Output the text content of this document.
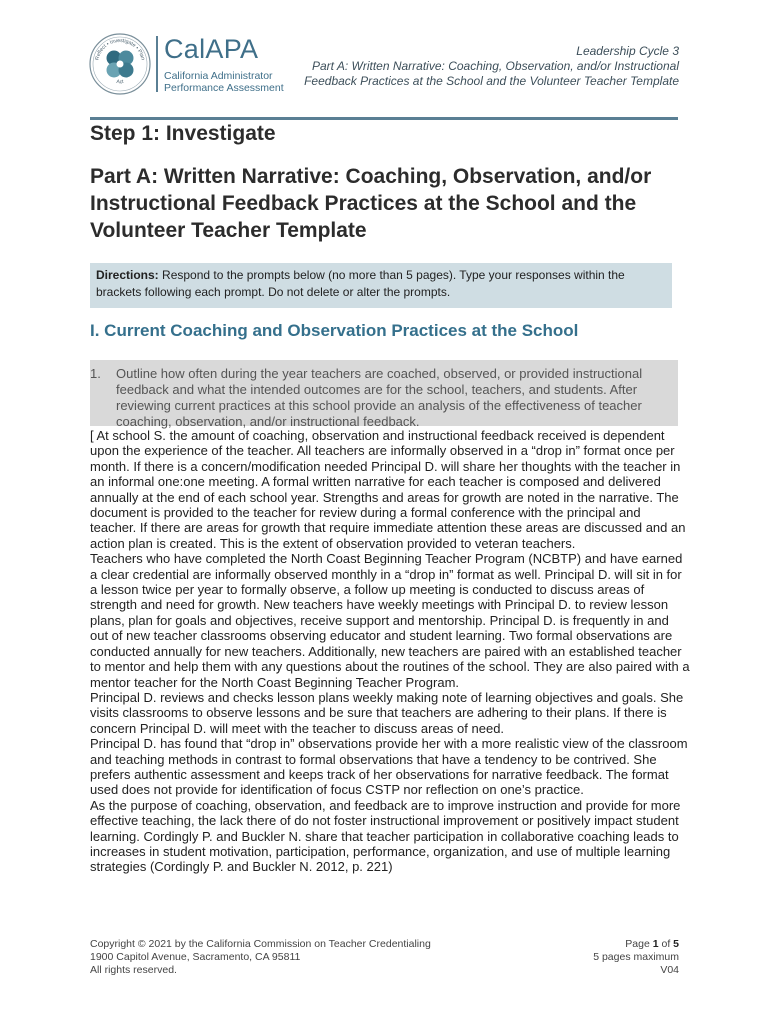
Reflect • Investigate • Plan
Act
CalAPA
California Administrator
Performance Assessment
Leadership Cycle 3
Part A: Written Narrative: Coaching, Observation, and/or Instructional
Feedback Practices at the School and the Volunteer Teacher Template
Step 1: Investigate
Part A: Written Narrative: Coaching, Observation, and/or Instructional Feedback Practices at the School and the Volunteer Teacher Template
Directions: Respond to the prompts below (no more than 5 pages). Type your responses within the brackets following each prompt. Do not delete or alter the prompts.
I. Current Coaching and Observation Practices at the School
1. Outline how often during the year teachers are coached, observed, or provided instructional feedback and what the intended outcomes are for the school, teachers, and students. After reviewing current practices at this school provide an analysis of the effectiveness of teacher coaching, observation, and/or instructional feedback.

[ At school S. the amount of coaching, observation and instructional feedback received is dependent upon the experience of the teacher. All teachers are informally observed in a “drop in” format once per month. If there is a concern/modification needed Principal D. will share her thoughts with the teacher in an informal one:one meeting. A formal written narrative for each teacher is composed and delivered annually at the end of each school year. Strengths and areas for growth are noted in the narrative. The document is provided to the teacher for review during a formal conference with the principal and teacher. If there are areas for growth that require immediate attention these areas are discussed and an action plan is created. This is the extent of observation provided to veteran teachers.

Teachers who have completed the North Coast Beginning Teacher Program (NCBTP) and have earned a clear credential are informally observed monthly in a “drop in” format as well. Principal D. will sit in for a lesson twice per year to formally observe, a follow up meeting is conducted to discuss areas of strength and need for growth. New teachers have weekly meetings with Principal D. to review lesson plans, plan for goals and objectives, receive support and mentorship. Principal D. is frequently in and out of new teacher classrooms observing educator and student learning. Two formal observations are conducted annually for new teachers. Additionally, new teachers are paired with an established teacher to mentor and help them with any questions about the routines of the school. They are also paired with a mentor teacher for the North Coast Beginning Teacher Program.

Principal D. reviews and checks lesson plans weekly making note of learning objectives and goals. She visits classrooms to observe lessons and be sure that teachers are adhering to their plans. If there is concern Principal D. will meet with the teacher to discuss areas of need.

Principal D. has found that “drop in” observations provide her with a more realistic view of the classroom and teaching methods in contrast to formal observations that have a tendency to be contrived. She prefers authentic assessment and keeps track of her observations for narrative feedback. The format used does not provide for identification of focus CSTP nor reflection on one’s practice.

As the purpose of coaching, observation, and feedback are to improve instruction and provide for more effective teaching, the lack there of do not foster instructional improvement or positively impact student learning. Cordingly P. and Buckler N. share that teacher participation in collaborative coaching leads to increases in student motivation, participation, performance, organization, and use of multiple learning strategies (Cordingly P. and Buckler N. 2012, p. 221)

Copyright © 2021 by the California Commission on Teacher Credentialing
1900 Capitol Avenue, Sacramento, CA 95811
All rights reserved.
Page 1 of 5
5 pages maximum
V04
